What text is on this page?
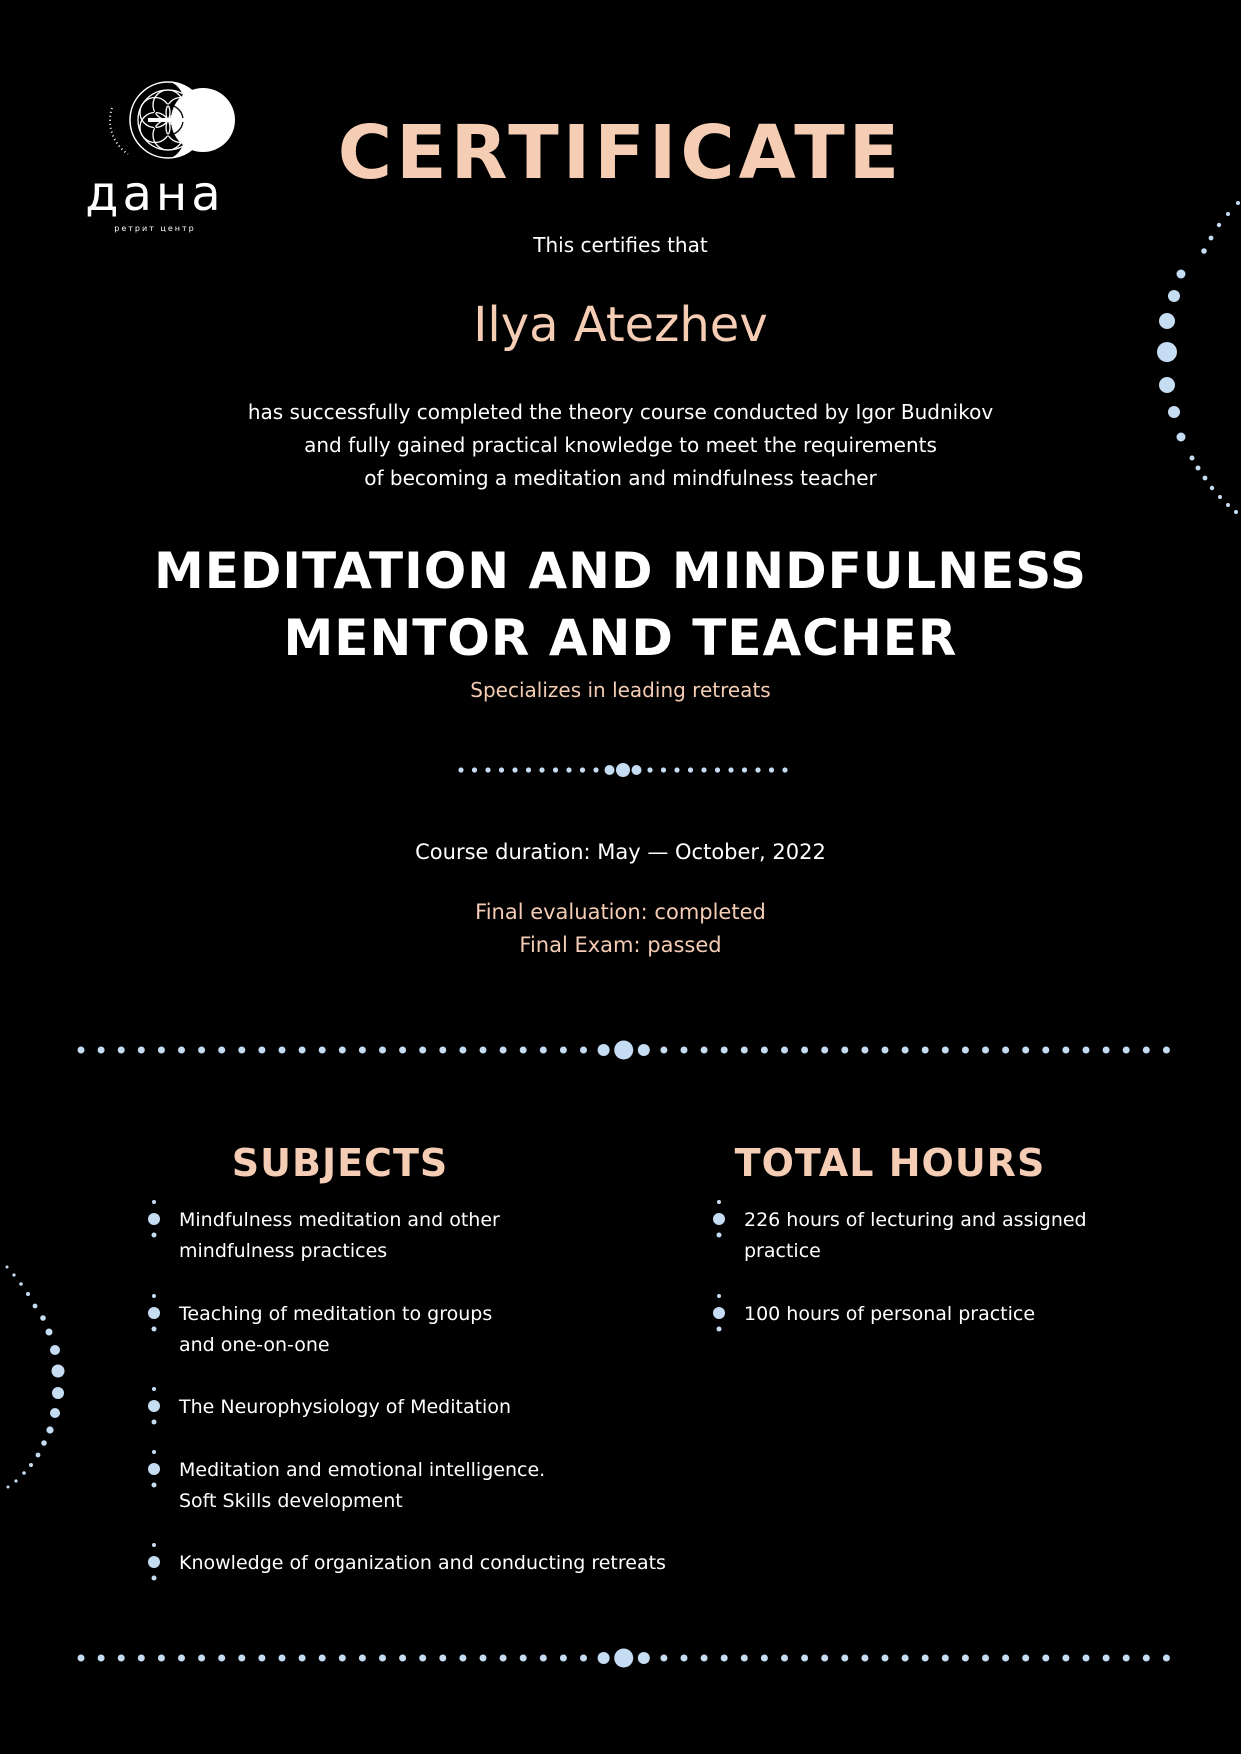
дана
ретрит центр
CERTIFICATE
This certifies that
Ilya Atezhev
has successfully completed the theory course conducted by Igor Budnikov
and fully gained practical knowledge to meet the requirements
of becoming a meditation and mindfulness teacher
MEDITATION AND MINDFULNESS
MENTOR AND TEACHER
Specializes in leading retreats
Course duration: May — October, 2022
Final evaluation: completed
Final Exam: passed
SUBJECTS
Mindfulness meditation and other
mindfulness practices
Teaching of meditation to groups
and one-on-one
The Neurophysiology of Meditation
Meditation and emotional intelligence.
Soft Skills development
Knowledge of organization and conducting retreats
TOTAL HOURS
226 hours of lecturing and assigned
practice
100 hours of personal practice
